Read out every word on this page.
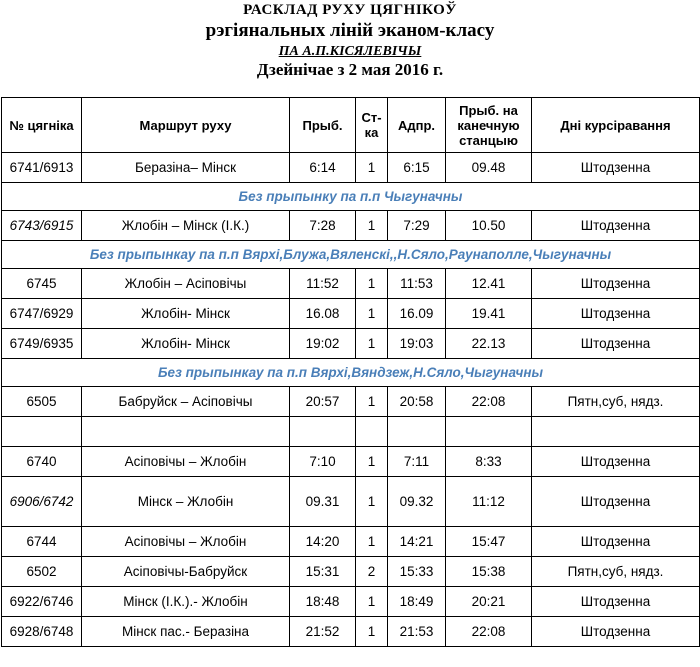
РАСКЛАД РУХУ ЦЯГНІКОЎ
рэгіянальных ліній эканом-класу
ПА А.П.КІСЯЛЕВІЧЫ
Дзейнічае з 2 мая 2016 г.
№ цягніка	Маршрут руху	Прыб.	Ст-ка	Адпр.	Прыб. на канечную станцыю	Дні курсіравання
6741/6913	Беразіна– Мінск	6:14	1	6:15	09.48	Штодзенна
Без прыпынку па п.п Чыгуначны						
6743/6915	Жлобін – Мінск (І.К.)	7:28	1	7:29	10.50	Штодзенна
Без прыпынкау па п.п Вярхі,Блужа,Вяленскі,,Н.Сяло,Раунаполле,Чыгуначны						
6745	Жлобін – Асіповічы	11:52	1	11:53	12.41	Штодзенна
6747/6929	Жлобін- Мінск	16.08	1	16.09	19.41	Штодзенна
6749/6935	Жлобін- Мінск	19:02	1	19:03	22.13	Штодзенна
Без прыпынкау па п.п Вярхі,Вяндзеж,Н.Сяло,Чыгуначны						
6505	Бабруйск – Асіповічы	20:57	1	20:58	22:08	Пятн,суб, нядз.

6740	Асіповічы – Жлобін	7:10	1	7:11	8:33	Штодзенна
6906/6742	Мінск – Жлобін	09.31	1	09.32	11:12	Штодзенна
6744	Асіповічы – Жлобін	14:20	1	14:21	15:47	Штодзенна
6502	Асіповічы-Бабруйск	15:31	2	15:33	15:38	Пятн,суб, нядз.
6922/6746	Мінск (І.К.).- Жлобін	18:48	1	18:49	20:21	Штодзенна
6928/6748	Мінск пас.- Беразіна	21:52	1	21:53	22:08	Штодзенна
